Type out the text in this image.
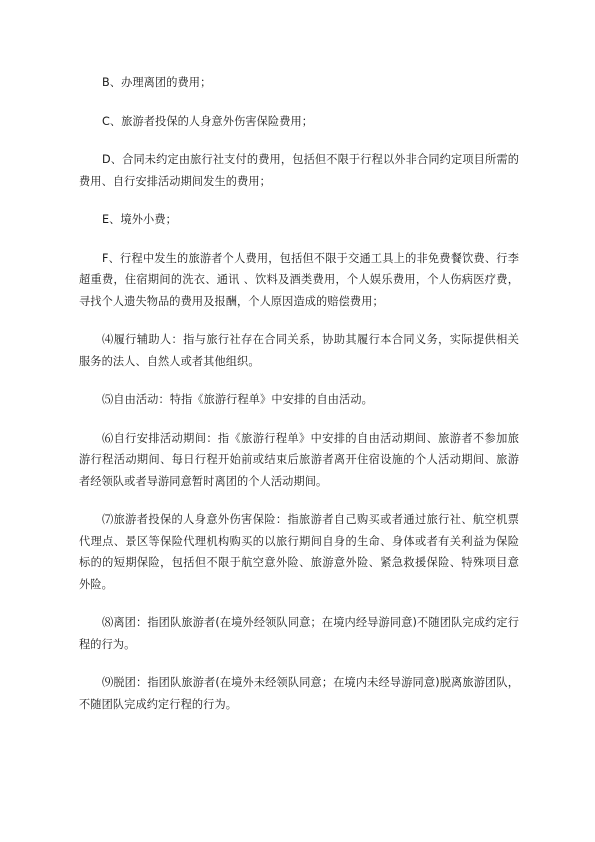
B、办理离团的费用；

C、旅游者投保的人身意外伤害保险费用；

D、合同未约定由旅行社支付的费用，包括但不限于行程以外非合同约定项目所需的费用、自行安排活动期间发生的费用；

E、境外小费；

F、行程中发生的旅游者个人费用，包括但不限于交通工具上的非免费餐饮费、行李超重费，住宿期间的洗衣、通讯 、饮料及酒类费用，个人娱乐费用，个人伤病医疗费，寻找个人遗失物品的费用及报酬，个人原因造成的赔偿费用；

⑷履行辅助人：指与旅行社存在合同关系，协助其履行本合同义务，实际提供相关服务的法人、自然人或者其他组织。

⑸自由活动：特指《旅游行程单》中安排的自由活动。

⑹自行安排活动期间：指《旅游行程单》中安排的自由活动期间、旅游者不参加旅游行程活动期间、每日行程开始前或结束后旅游者离开住宿设施的个人活动期间、旅游者经领队或者导游同意暂时离团的个人活动期间。

⑺旅游者投保的人身意外伤害保险：指旅游者自己购买或者通过旅行社、航空机票代理点、景区等保险代理机构购买的以旅行期间自身的生命、身体或者有关利益为保险标的的短期保险，包括但不限于航空意外险、旅游意外险、紧急救援保险、特殊项目意外险。

⑻离团：指团队旅游者(在境外经领队同意；在境内经导游同意)不随团队完成约定行程的行为。

⑼脱团：指团队旅游者(在境外未经领队同意；在境内未经导游同意)脱离旅游团队，不随团队完成约定行程的行为。
